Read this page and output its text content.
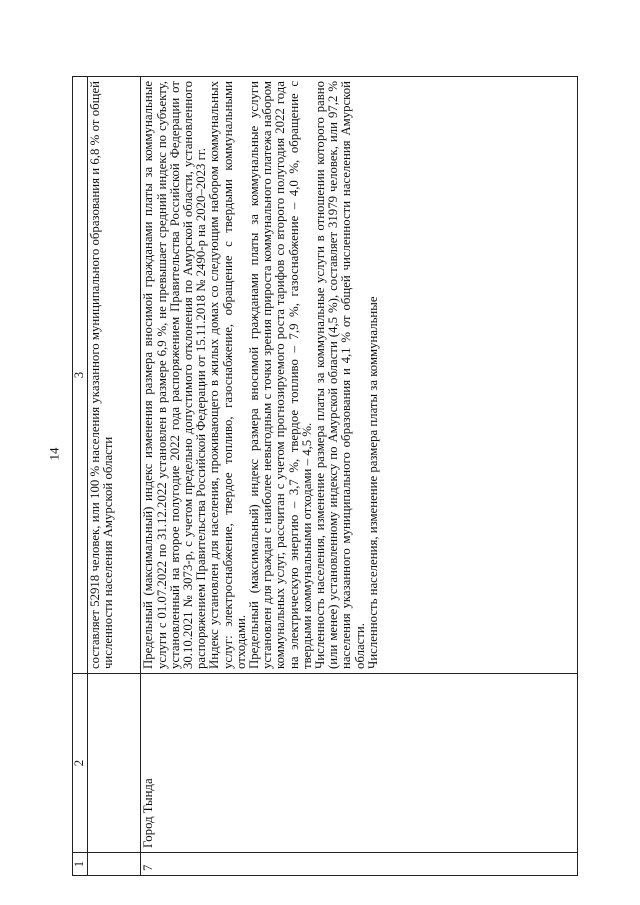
14
1	2	3

		составляет 52918 человек, или 100 % населения указанного муниципального образования и 6,8 % от общей численности населения Амурской области

7	Город Тында	Предельный (максимальный) индекс изменения размера вносимой гражданами платы за коммунальные услуги с 01.07.2022 по 31.12.2022 установлен в размере 6,9 %, не превышает средний индекс по субъекту, установленный на второе полугодие 2022 года распоряжением Правительства Российской Федерации от 30.10.2021 № 3073-р, с учетом предельно допустимого отклонения по Амурской области, установленного распоряжением Правительства Российской Федерации от 15.11.2018 № 2490-р на 2020–2023 гг. Индекс установлен для населения, проживающего в жилых домах со следующим набором коммунальных услуг: электроснабжение, твердое топливо, газоснабжение, обращение с твердыми коммунальными отходами. Предельный (максимальный) индекс размера вносимой гражданами платы за коммунальные услуги установлен для граждан с наиболее невыгодным с точки зрения прироста коммунального платежа набором коммунальных услуг, рассчитан с учетом прогнозируемого роста тарифов со второго полугодия 2022 года на электрическую энергию – 3,7 %, твердое топливо – 7,9 %, газоснабжение – 4,0 %, обращение с твердыми коммунальными отходами – 4,5 %. Численность населения, изменение размера платы за коммунальные услуги в отношении которого равно (или менее) установленному индексу по Амурской области (4,5 %), составляет 31979 человек, или 97,2 % населения указанного муниципального образования и 4,1 % от общей численности населения Амурской области. Численность населения, изменение размера платы за коммунальные
